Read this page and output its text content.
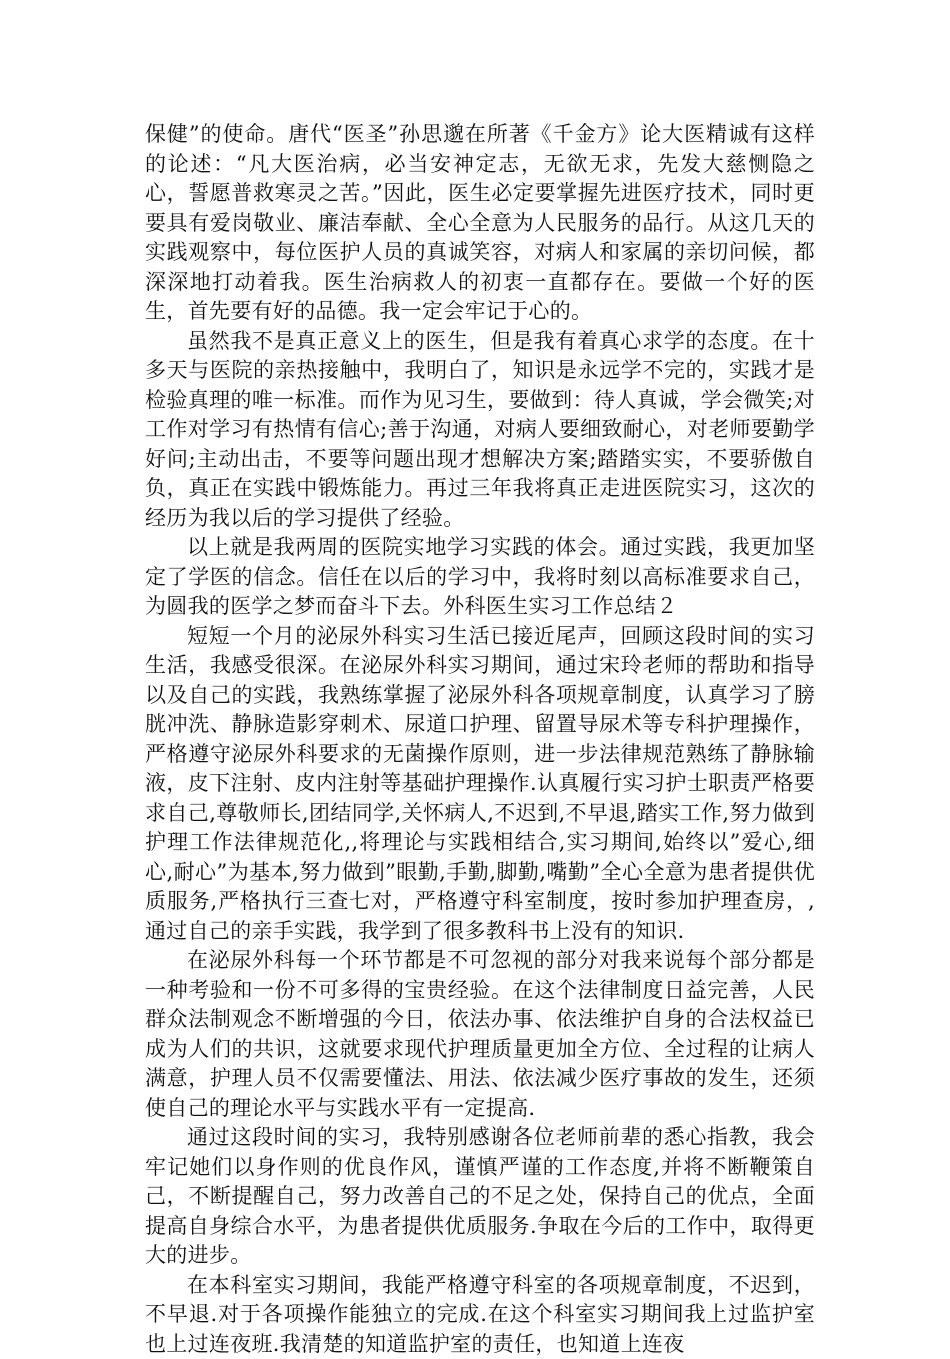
保健”的使命。唐代“医圣”孙思邈在所著《千金方》论大医精诚有这样的论述：“凡大医治病，必当安神定志，无欲无求，先发大慈恻隐之心，誓愿普救寒灵之苦。”因此，医生必定要掌握先进医疗技术，同时更要具有爱岗敬业、廉洁奉献、全心全意为人民服务的品行。从这几天的实践观察中，每位医护人员的真诚笑容，对病人和家属的亲切问候，都深深地打动着我。医生治病救人的初衷一直都存在。要做一个好的医生，首先要有好的品德。我一定会牢记于心的。

虽然我不是真正意义上的医生，但是我有着真心求学的态度。在十多天与医院的亲热接触中，我明白了，知识是永远学不完的，实践才是检验真理的唯一标准。而作为见习生，要做到：待人真诚，学会微笑;对工作对学习有热情有信心;善于沟通，对病人要细致耐心，对老师要勤学好问;主动出击，不要等问题出现才想解决方案;踏踏实实，不要骄傲自负，真正在实践中锻炼能力。再过三年我将真正走进医院实习，这次的经历为我以后的学习提供了经验。

以上就是我两周的医院实地学习实践的体会。通过实践，我更加坚定了学医的信念。信任在以后的学习中，我将时刻以高标准要求自己，为圆我的医学之梦而奋斗下去。外科医生实习工作总结２

短短一个月的泌尿外科实习生活已接近尾声，回顾这段时间的实习生活，我感受很深。在泌尿外科实习期间，通过宋玲老师的帮助和指导以及自己的实践，我熟练掌握了泌尿外科各项规章制度，认真学习了膀胱冲洗、静脉造影穿刺术、尿道口护理、留置导尿术等专科护理操作，严格遵守泌尿外科要求的无菌操作原则，进一步法律规范熟练了静脉输液，皮下注射、皮内注射等基础护理操作.认真履行实习护士职责严格要求自己,尊敬师长,团结同学,关怀病人,不迟到,不早退,踏实工作,努力做到护理工作法律规范化,,将理论与实践相结合,实习期间,始终以”爱心,细心,耐心”为基本,努力做到”眼勤,手勤,脚勤,嘴勤”全心全意为患者提供优质服务,严格执行三查七对，严格遵守科室制度，按时参加护理查房，,通过自己的亲手实践，我学到了很多教科书上没有的知识.

在泌尿外科每一个环节都是不可忽视的部分对我来说每个部分都是一种考验和一份不可多得的宝贵经验。在这个法律制度日益完善，人民群众法制观念不断增强的今日，依法办事、依法维护自身的合法权益已成为人们的共识，这就要求现代护理质量更加全方位、全过程的让病人满意，护理人员不仅需要懂法、用法、依法减少医疗事故的发生，还须使自己的理论水平与实践水平有一定提高.

通过这段时间的实习，我特别感谢各位老师前辈的悉心指教，我会牢记她们以身作则的优良作风，谨慎严谨的工作态度,并将不断鞭策自己，不断提醒自己，努力改善自己的不足之处，保持自己的优点，全面提高自身综合水平，为患者提供优质服务.争取在今后的工作中，取得更大的进步。

在本科室实习期间，我能严格遵守科室的各项规章制度，不迟到，不早退.对于各项操作能独立的完成.在这个科室实习期间我上过监护室也上过连夜班.我清楚的知道监护室的责任，也知道上连夜
